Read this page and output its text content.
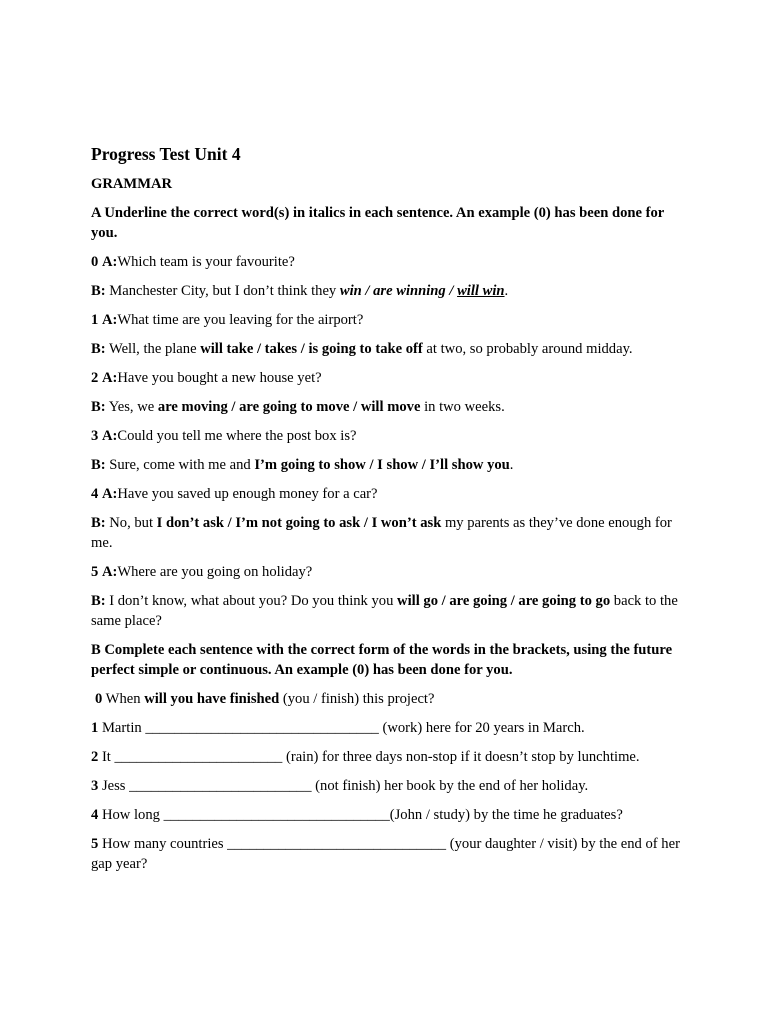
Progress Test Unit 4
GRAMMAR
A Underline the correct word(s) in italics in each sentence. An example (0) has been done for you.

0 A:Which team is your favourite?

B: Manchester City, but I don’t think they win / are winning / will win.

1 A:What time are you leaving for the airport?

B: Well, the plane will take / takes / is going to take off at two, so probably around midday.

2 A:Have you bought a new house yet?

B: Yes, we are moving / are going to move / will move in two weeks.

3 A:Could you tell me where the post box is?

B: Sure, come with me and I’m going to show / I show / I’ll show you.

4 A:Have you saved up enough money for a car?

B: No, but I don’t ask / I’m not going to ask / I won’t ask my parents as they’ve done enough for me.

5 A:Where are you going on holiday?

B: I don’t know, what about you? Do you think you will go / are going / are going to go back to the same place?

B Complete each sentence with the correct form of the words in the brackets, using the future perfect simple or continuous. An example (0) has been done for you.

0 When will you have finished (you / finish) this project?

1 Martin ________________________________ (work) here for 20 years in March.

2 It _______________________ (rain) for three days non-stop if it doesn’t stop by lunchtime.

3 Jess _________________________ (not finish) her book by the end of her holiday.

4 How long _______________________________(John / study) by the time he graduates?

5 How many countries ______________________________ (your daughter / visit) by the end of her gap year?
